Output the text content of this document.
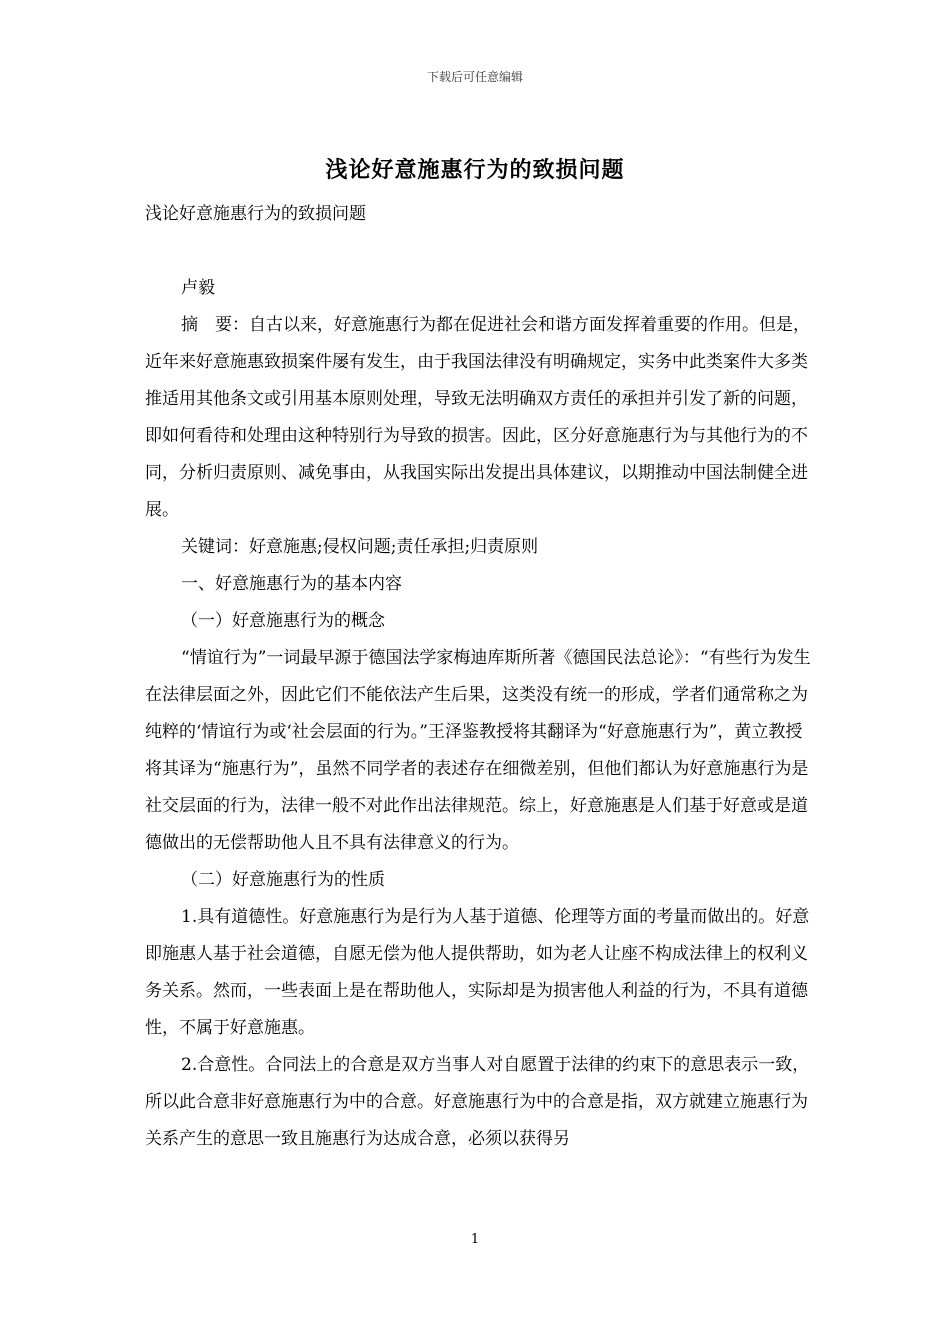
下载后可任意编辑
浅论好意施惠行为的致损问题

浅论好意施惠行为的致损问题

卢毅

摘　要：自古以来，好意施惠行为都在促进社会和谐方面发挥着重要的作用。但是，近年来好意施惠致损案件屡有发生，由于我国法律没有明确规定，实务中此类案件大多类推适用其他条文或引用基本原则处理，导致无法明确双方责任的承担并引发了新的问题，即如何看待和处理由这种特别行为导致的损害。因此，区分好意施惠行为与其他行为的不同，分析归责原则、减免事由，从我国实际出发提出具体建议，以期推动中国法制健全进展。

关键词：好意施惠;侵权问题;责任承担;归责原则

一、好意施惠行为的基本内容

（一）好意施惠行为的概念

“情谊行为”一词最早源于德国法学家梅迪库斯所著《德国民法总论》：“有些行为发生在法律层面之外，因此它们不能依法产生后果，这类没有统一的形成，学者们通常称之为纯粹的‘情谊行为或‘社会层面的行为。”王泽鉴教授将其翻译为“好意施惠行为”，黄立教授将其译为“施惠行为”，虽然不同学者的表述存在细微差别，但他们都认为好意施惠行为是社交层面的行为，法律一般不对此作出法律规范。综上，好意施惠是人们基于好意或是道德做出的无偿帮助他人且不具有法律意义的行为。

（二）好意施惠行为的性质

1.具有道德性。好意施惠行为是行为人基于道德、伦理等方面的考量而做出的。好意即施惠人基于社会道德，自愿无偿为他人提供帮助，如为老人让座不构成法律上的权利义务关系。然而，一些表面上是在帮助他人，实际却是为损害他人利益的行为，不具有道德性，不属于好意施惠。

2.合意性。合同法上的合意是双方当事人对自愿置于法律的约束下的意思表示一致，所以此合意非好意施惠行为中的合意。好意施惠行为中的合意是指，双方就建立施惠行为关系产生的意思一致且施惠行为达成合意，必须以获得另

1
